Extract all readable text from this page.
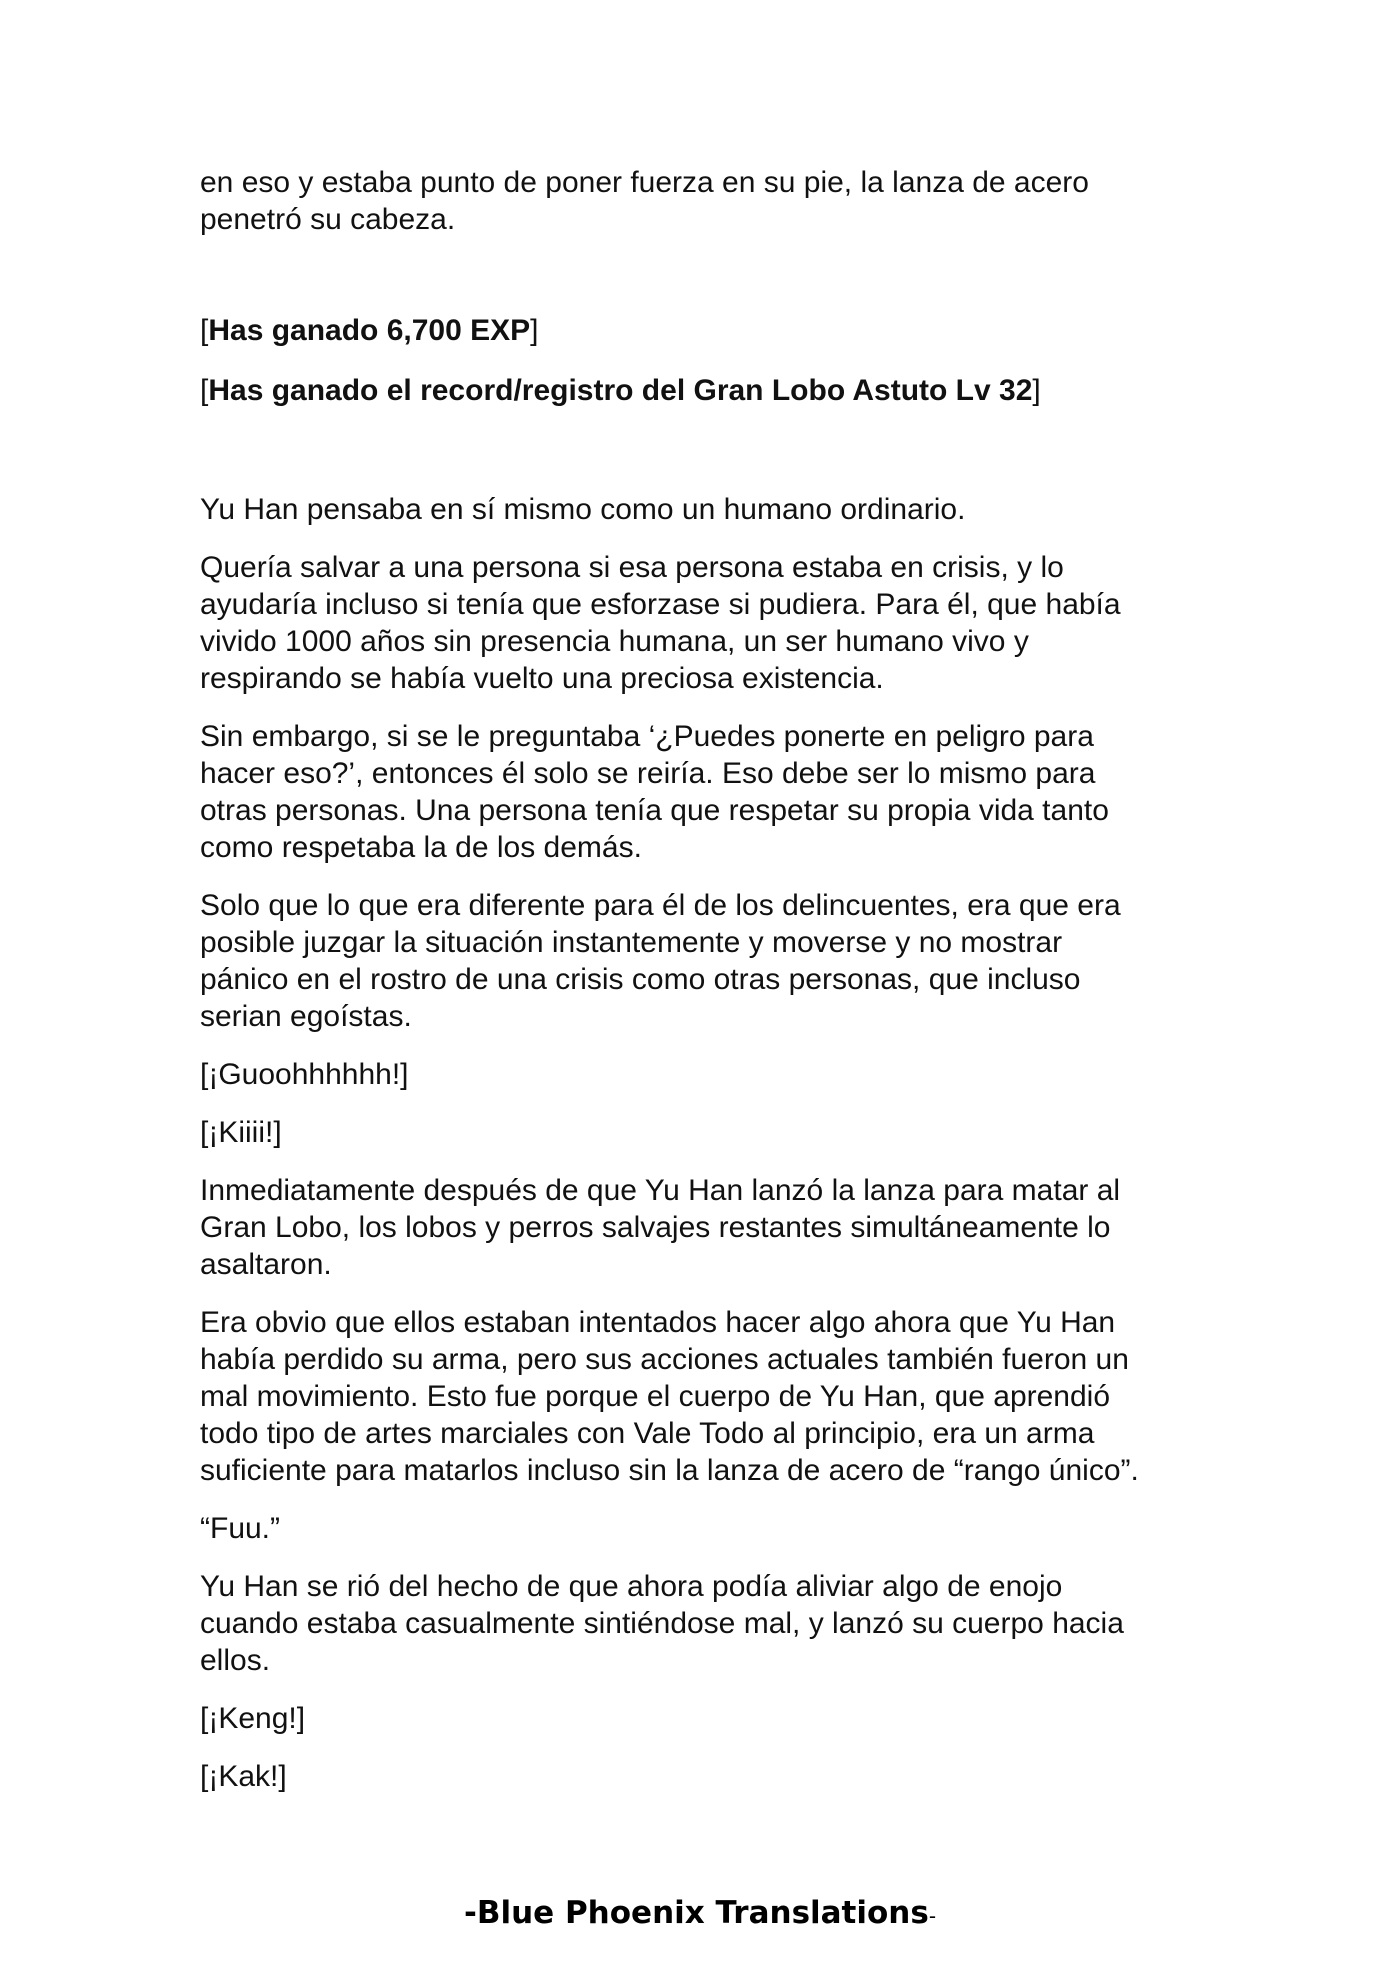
en eso y estaba punto de poner fuerza en su pie, la lanza de acero
penetró su cabeza.

[Has ganado 6,700 EXP]

[Has ganado el record/registro del Gran Lobo Astuto Lv 32]

Yu Han pensaba en sí mismo como un humano ordinario.

Quería salvar a una persona si esa persona estaba en crisis, y lo
ayudaría incluso si tenía que esforzase si pudiera. Para él, que había
vivido 1000 años sin presencia humana, un ser humano vivo y
respirando se había vuelto una preciosa existencia.

Sin embargo, si se le preguntaba ‘¿Puedes ponerte en peligro para
hacer eso?’, entonces él solo se reiría. Eso debe ser lo mismo para
otras personas. Una persona tenía que respetar su propia vida tanto
como respetaba la de los demás.

Solo que lo que era diferente para él de los delincuentes, era que era
posible juzgar la situación instantemente y moverse y no mostrar
pánico en el rostro de una crisis como otras personas, que incluso
serian egoístas.

[¡Guoohhhhhh!]

[¡Kiiii!]

Inmediatamente después de que Yu Han lanzó la lanza para matar al
Gran Lobo, los lobos y perros salvajes restantes simultáneamente lo
asaltaron.

Era obvio que ellos estaban intentados hacer algo ahora que Yu Han
había perdido su arma, pero sus acciones actuales también fueron un
mal movimiento. Esto fue porque el cuerpo de Yu Han, que aprendió
todo tipo de artes marciales con Vale Todo al principio, era un arma
suficiente para matarlos incluso sin la lanza de acero de “rango único”.

“Fuu.”

Yu Han se rió del hecho de que ahora podía aliviar algo de enojo
cuando estaba casualmente sintiéndose mal, y lanzó su cuerpo hacia
ellos.

[¡Keng!]

[¡Kak!]

-Blue Phoenix Translations-
